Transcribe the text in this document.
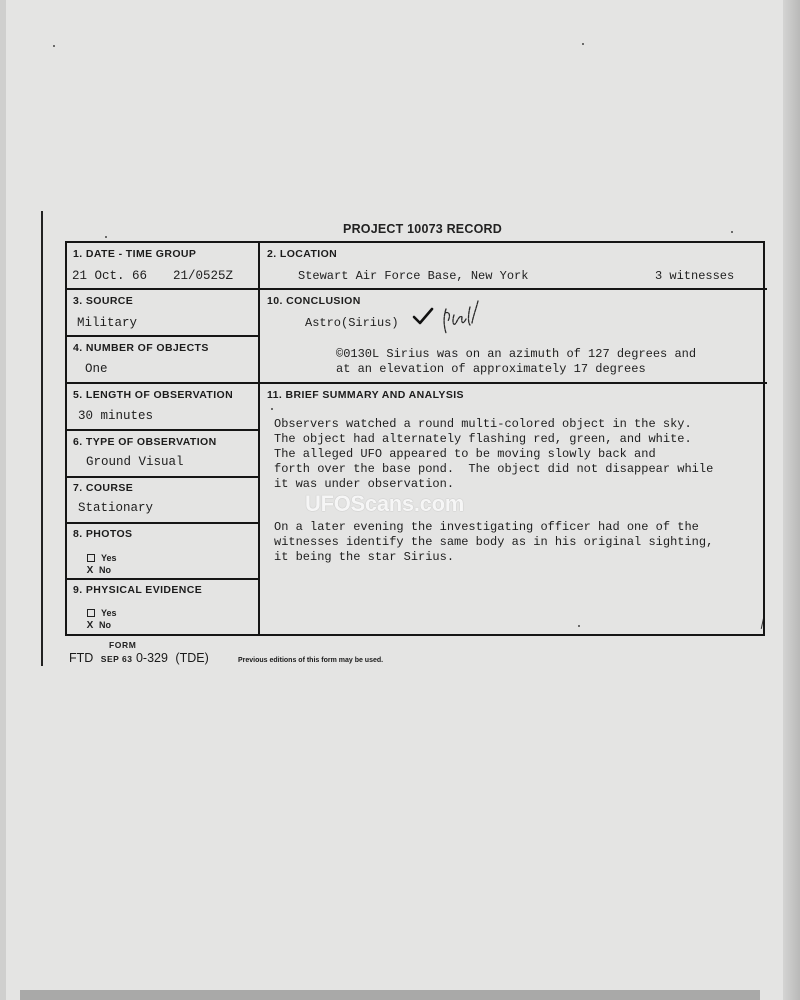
PROJECT 10073 RECORD
1. DATE - TIME GROUP
21 Oct. 66 21/0525Z
2. LOCATION
Stewart Air Force Base, New York	3 witnesses
3. SOURCE
Military
4. NUMBER OF OBJECTS
One
5. LENGTH OF OBSERVATION
30 minutes
6. TYPE OF OBSERVATION
Ground Visual
7. COURSE
Stationary
8. PHOTOS
Yes
X No
9. PHYSICAL EVIDENCE
Yes
X No
10. CONCLUSION
Astro(Sirius)
©0130L Sirius was on an azimuth of 127 degrees and
at an elevation of approximately 17 degrees
11. BRIEF SUMMARY AND ANALYSIS
Observers watched a round multi-colored object in the sky.
The object had alternately flashing red, green, and white.
The alleged UFO appeared to be moving slowly back and
forth over the base pond.  The object did not disappear while
it was under observation.
On a later evening the investigating officer had one of the
witnesses identify the same body as in his original sighting,
it being the star Sirius.
UFOScans.com
FORM
FTD SEP 63 0-329 (TDE)	Previous editions of this form may be used.
